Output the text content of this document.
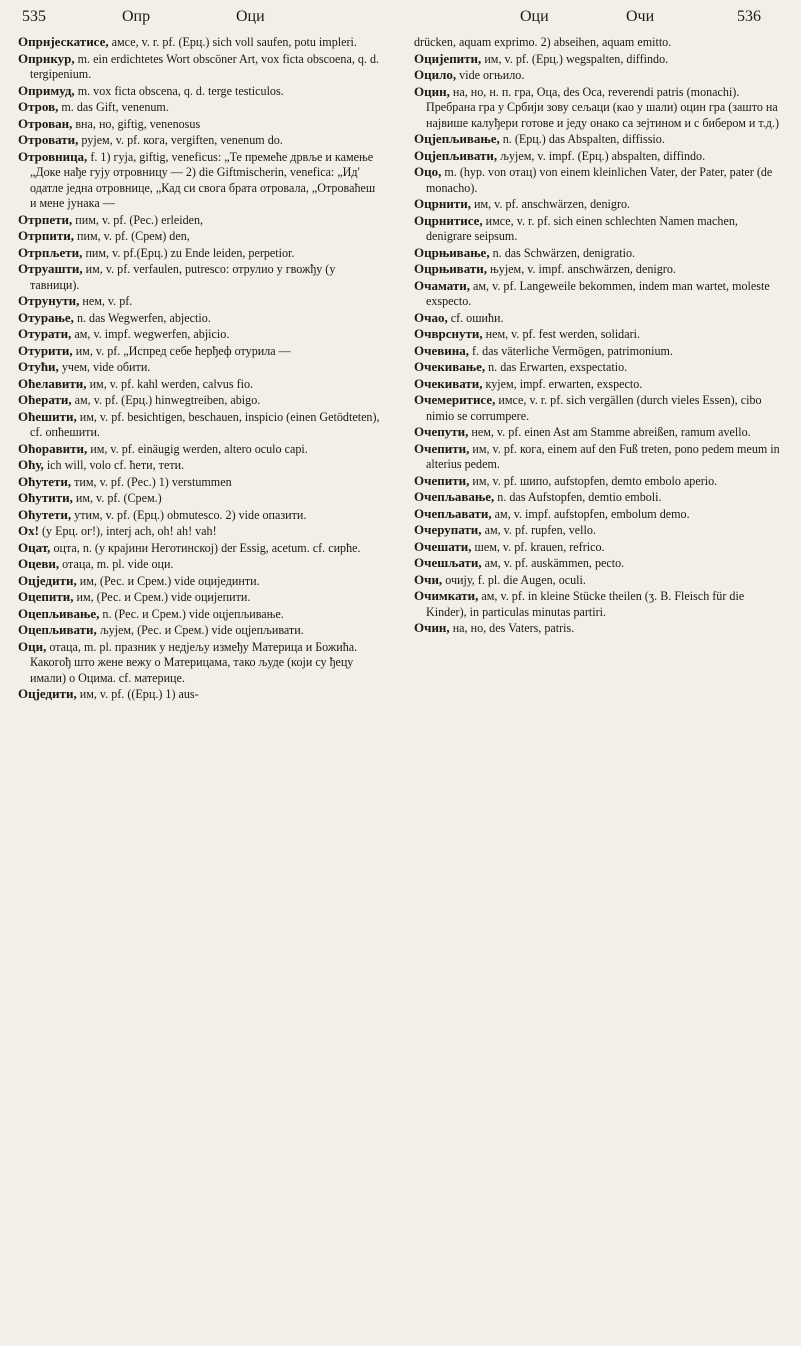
535	Опр	Оци	Оци	Очи	536

Опрнјескатисе, амсе, v. r. pf. (Ерц.) sich voll saufen, potu impleri.

Опрнкур, m. ein erdichtetes Wort obscöner Art, vox ficta obscoena, q. d. tergipenium.

Опримуд, m. vox ficta obscena, q. d. terge testiculos.

Отров, m. das Gift, venenum.

Отрован, вна, но, giftig, venenosus

Отровати, рујем, v. pf. кога, vergiften, venenum do.

Отровница, f. 1) гуја, giftig, veneficus: „Те премеће дрвље и камење „Доке нађе гују отровницу — 2) die Giftmischerin, venefica: „Ид' одатле једна отровнице, „Кад си свога брата отровала, „Отроваћеш и мене јунака —

Отрпети, пим, v. pf. (Рес.) erleiden,

Отрпити, пим, v. pf. (Срем) den,

Отрпљети, пим, v. pf.(Ерц.) zu Ende leiden, perpetior.

Отруашти, им, v. pf. verfaulen, putresco: отрулио у гвожђу (у тавници).

Отрунути, нем, v. pf.

Отурање, n. das Wegwerfen, abjectio.

Отурати, ам, v. impf. wegwerfen, abjicio.

Отурити, им, v. pf. „Испред себе ћерђеф отурила —

Отући, учем, vide обити.

Оћелавити, им, v. pf. kahl werden, calvus fio.

Оћерати, ам, v. pf. (Ерц.) hinwegtreiben, abigo.

Оћешити, им, v. pf. besichtigen, beschauen, inspicio (einen Getödteten), cf. опћешити.

Оћоравити, им, v. pf. einäugig werden, altero oculo capi.

Оћу, ich will, volo cf. ћети, тети.

Оћутети, тим, v. pf. (Рес.) 1) verstummen

Оћутити, им, v. pf. (Срем.)

Оћутети, утим, v. pf. (Ерц.) obmutesco. 2) vide опазити.

Ох! (у Ерц. ог!), interj ach, oh! ah! vah!

Оцат, оцта, n. (у крајини Неготинској) der Essig, acetum. cf. сирће.

Оцеви, отаца, m. pl. vide оци.

Оцједити, им, (Рес. и Срем.) vide оцијединти.

Оцепити, им, (Рес. и Срем.) vide оцијепити.

Оцепљивање, n. (Рес. и Срем.) vide оцјепљивање.

Оцепљивати, љујем, (Рес. и Срем.) vide оцјепљивати.

Оци, отаца, m. pl. празник у недјељу између Материца и Божића. Какогођ што жене вежу о Материцама, тако људе (који су ђецу имали) о Оцима. cf. материце.

Оцједити, им, v. pf. ((Ерц.) 1) aus-

drücken, aquam exprimo. 2) abseihen, aquam emitto.

Оцијепити, им, v. pf. (Ерц.) wegspalten, diffindo.

Оцило, vide огњило.

Оцин, на, но, н. п. гра, Оца, des Oca, reverendi patris (monachi). Пребрана гра у Србији зову сељаци (као у шали) оцин гра (зашто на највише калуђери готове и једу онако са зејтином и с бибером и т.д.)

Оцјепљивање, n. (Ерц.) das Abspalten, diffissio.

Оцјепљивати, љујем, v. impf. (Ерц.) abspalten, diffindo.

Оцо, m. (hyp. von отац) von einem kleinlichen Vater, der Pater, pater (de monacho).

Оцрнити, им, v. pf. anschwärzen, denigro.

Оцрнитисе, имсе, v. r. pf. sich einen schlechten Namen machen, denigrare seipsum.

Оцрњивање, n. das Schwärzen, denigratio.

Оцрњивати, њујем, v. impf. anschwärzen, denigro.

Очамати, ам, v. pf. Langeweile bekommen, indem man wartet, moleste exspecto.

Очао, cf. ошићи.

Очврснути, нем, v. pf. fest werden, solidari.

Очевина, f. das väterliche Vermögen, patrimonium.

Очекивање, n. das Erwarten, exspectatio.

Очекивати, кујем, impf. erwarten, exspecto.

Очемеритисе, имсе, v. r. pf. sich vergällen (durch vieles Essen), cibo nimio se corrumpere.

Очепути, нем, v. pf. einen Ast am Stamme abreißen, ramum avello.

Очепити, им, v. pf. кога, einem auf den Fuß treten, pono pedem meum in alterius pedem.

Очепити, им, v. pf. шипо, aufstopfen, demto embolo aperio.

Очепљавање, n. das Aufstopfen, demtio emboli.

Очепљавати, ам, v. impf. aufstopfen, embolum demo.

Очерупати, ам, v. pf. rupfen, vello.

Очешати, шем, v. pf. krauen, refrico.

Очешљати, ам, v. pf. auskämmen, pecto.

Очи, очију, f. pl. die Augen, oculi.

Очимкати, ам, v. pf. in kleine Stücke theilen (ʒ. B. Fleisch für die Kinder), in particulas minutas partiri.

Очин, на, но, des Vaters, patris.
